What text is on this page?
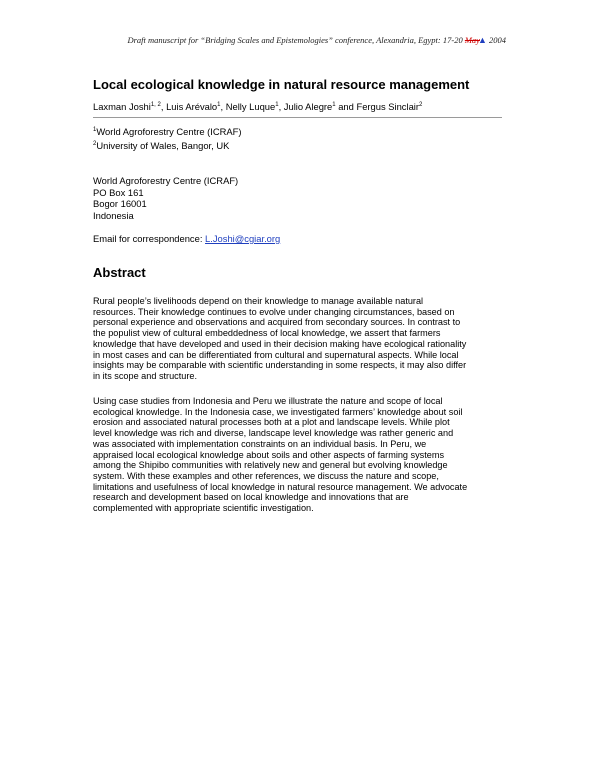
Draft manuscript for “Bridging Scales and Epistemologies” conference, Alexandria, Egypt: 17-20 May▲ 2004
Local ecological knowledge in natural resource management
Laxman Joshi$^{1, 2}$, Luis Arévalo$^1$, Nelly Luque$^1$, Julio Alegre$^1$ and Fergus Sinclair$^2$
$^1$World Agroforestry Centre (ICRAF)
$^2$University of Wales, Bangor, UK
World Agroforestry Centre (ICRAF)
PO Box 161
Bogor 16001
Indonesia
Email for correspondence: L.Joshi@cgiar.org
Abstract

Rural people’s livelihoods depend on their knowledge to manage available natural
resources. Their knowledge continues to evolve under changing circumstances, based on
personal experience and observations and acquired from secondary sources. In contrast to
the populist view of cultural embeddedness of local knowledge, we assert that farmers
knowledge that have developed and used in their decision making have ecological rationality
in most cases and can be differentiated from cultural and supernatural aspects. While local
insights may be comparable with scientific understanding in some respects, it may also differ
in its scope and structure.

Using case studies from Indonesia and Peru we illustrate the nature and scope of local
ecological knowledge. In the Indonesia case, we investigated farmers’ knowledge about soil
erosion and associated natural processes both at a plot and landscape levels. While plot
level knowledge was rich and diverse, landscape level knowledge was rather generic and
was associated with implementation constraints on an individual basis. In Peru, we
appraised local ecological knowledge about soils and other aspects of farming systems
among the Shipibo communities with relatively new and general but evolving knowledge
system. With these examples and other references, we discuss the nature and scope,
limitations and usefulness of local knowledge in natural resource management. We advocate
research and development based on local knowledge and innovations that are
complemented with appropriate scientific investigation.
